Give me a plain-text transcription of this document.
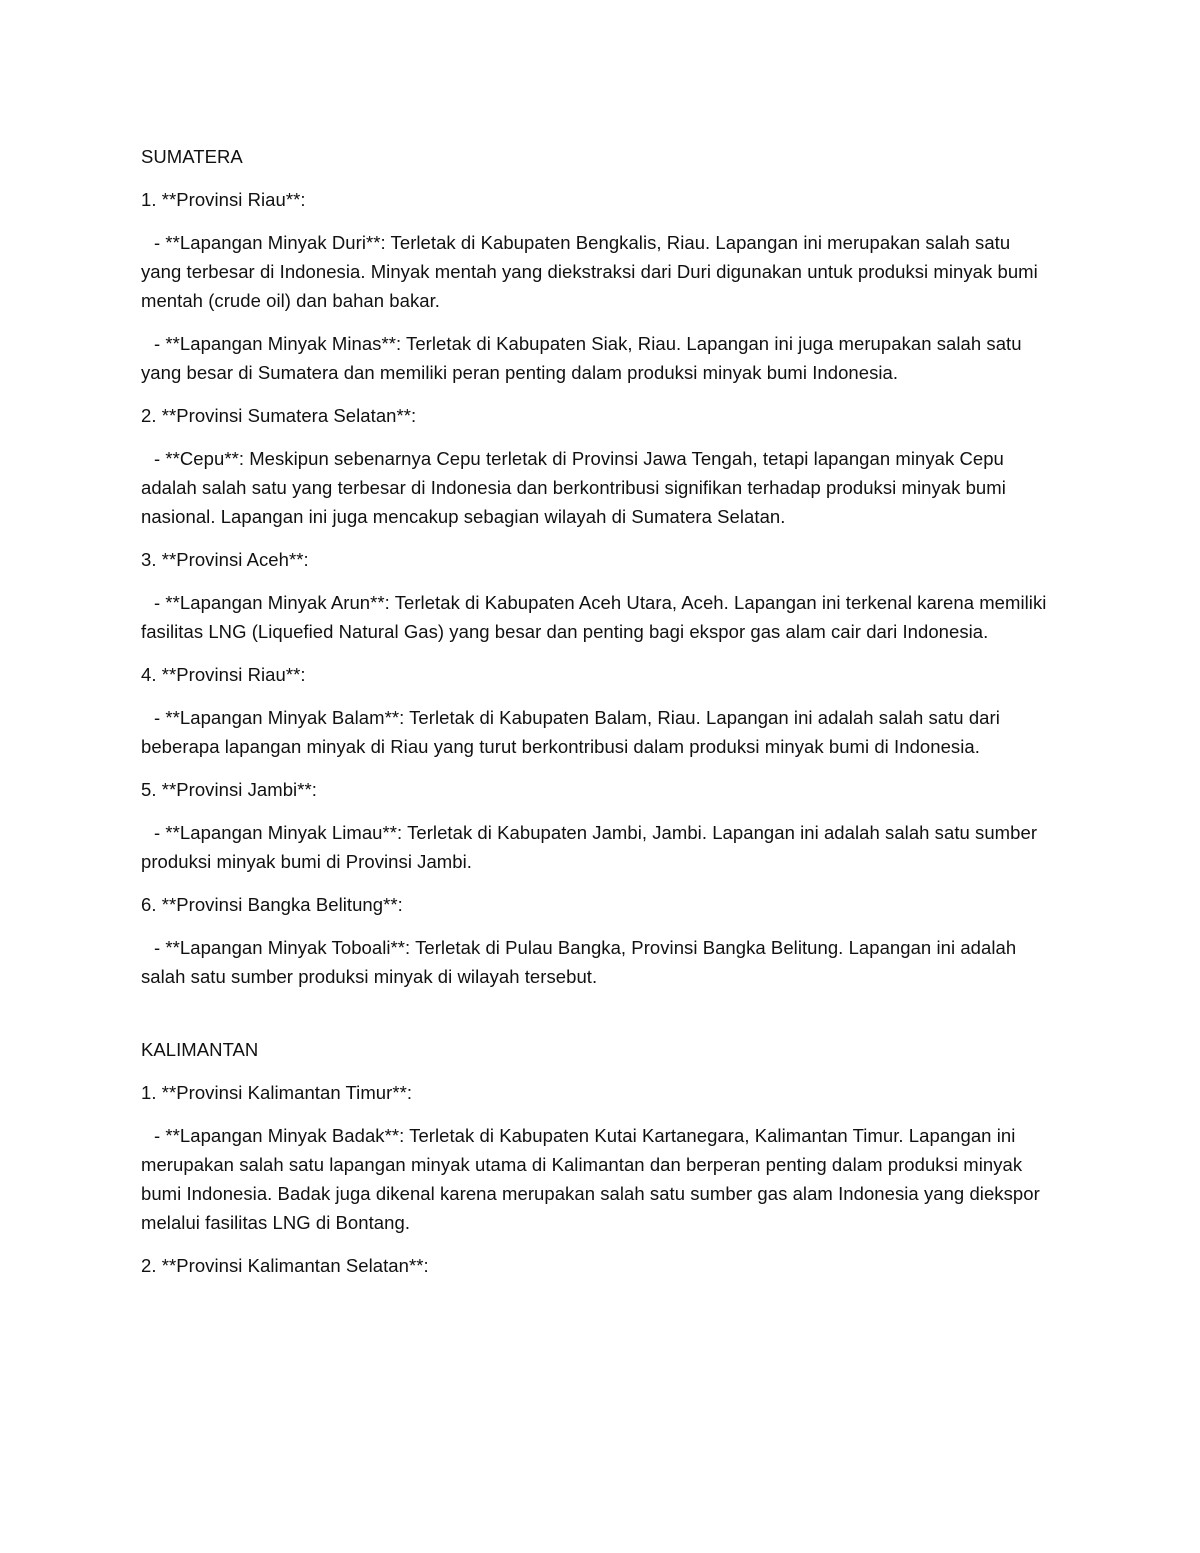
SUMATERA

1. **Provinsi Riau**:

- **Lapangan Minyak Duri**: Terletak di Kabupaten Bengkalis, Riau. Lapangan ini merupakan salah satu yang terbesar di Indonesia. Minyak mentah yang diekstraksi dari Duri digunakan untuk produksi minyak bumi mentah (crude oil) dan bahan bakar.

- **Lapangan Minyak Minas**: Terletak di Kabupaten Siak, Riau. Lapangan ini juga merupakan salah satu yang besar di Sumatera dan memiliki peran penting dalam produksi minyak bumi Indonesia.

2. **Provinsi Sumatera Selatan**:

- **Cepu**: Meskipun sebenarnya Cepu terletak di Provinsi Jawa Tengah, tetapi lapangan minyak Cepu adalah salah satu yang terbesar di Indonesia dan berkontribusi signifikan terhadap produksi minyak bumi nasional. Lapangan ini juga mencakup sebagian wilayah di Sumatera Selatan.

3. **Provinsi Aceh**:

- **Lapangan Minyak Arun**: Terletak di Kabupaten Aceh Utara, Aceh. Lapangan ini terkenal karena memiliki fasilitas LNG (Liquefied Natural Gas) yang besar dan penting bagi ekspor gas alam cair dari Indonesia.

4. **Provinsi Riau**:

- **Lapangan Minyak Balam**: Terletak di Kabupaten Balam, Riau. Lapangan ini adalah salah satu dari beberapa lapangan minyak di Riau yang turut berkontribusi dalam produksi minyak bumi di Indonesia.

5. **Provinsi Jambi**:

- **Lapangan Minyak Limau**: Terletak di Kabupaten Jambi, Jambi. Lapangan ini adalah salah satu sumber produksi minyak bumi di Provinsi Jambi.

6. **Provinsi Bangka Belitung**:

- **Lapangan Minyak Toboali**: Terletak di Pulau Bangka, Provinsi Bangka Belitung. Lapangan ini adalah salah satu sumber produksi minyak di wilayah tersebut.

KALIMANTAN

1. **Provinsi Kalimantan Timur**:

- **Lapangan Minyak Badak**: Terletak di Kabupaten Kutai Kartanegara, Kalimantan Timur. Lapangan ini merupakan salah satu lapangan minyak utama di Kalimantan dan berperan penting dalam produksi minyak bumi Indonesia. Badak juga dikenal karena merupakan salah satu sumber gas alam Indonesia yang diekspor melalui fasilitas LNG di Bontang.

2. **Provinsi Kalimantan Selatan**:
